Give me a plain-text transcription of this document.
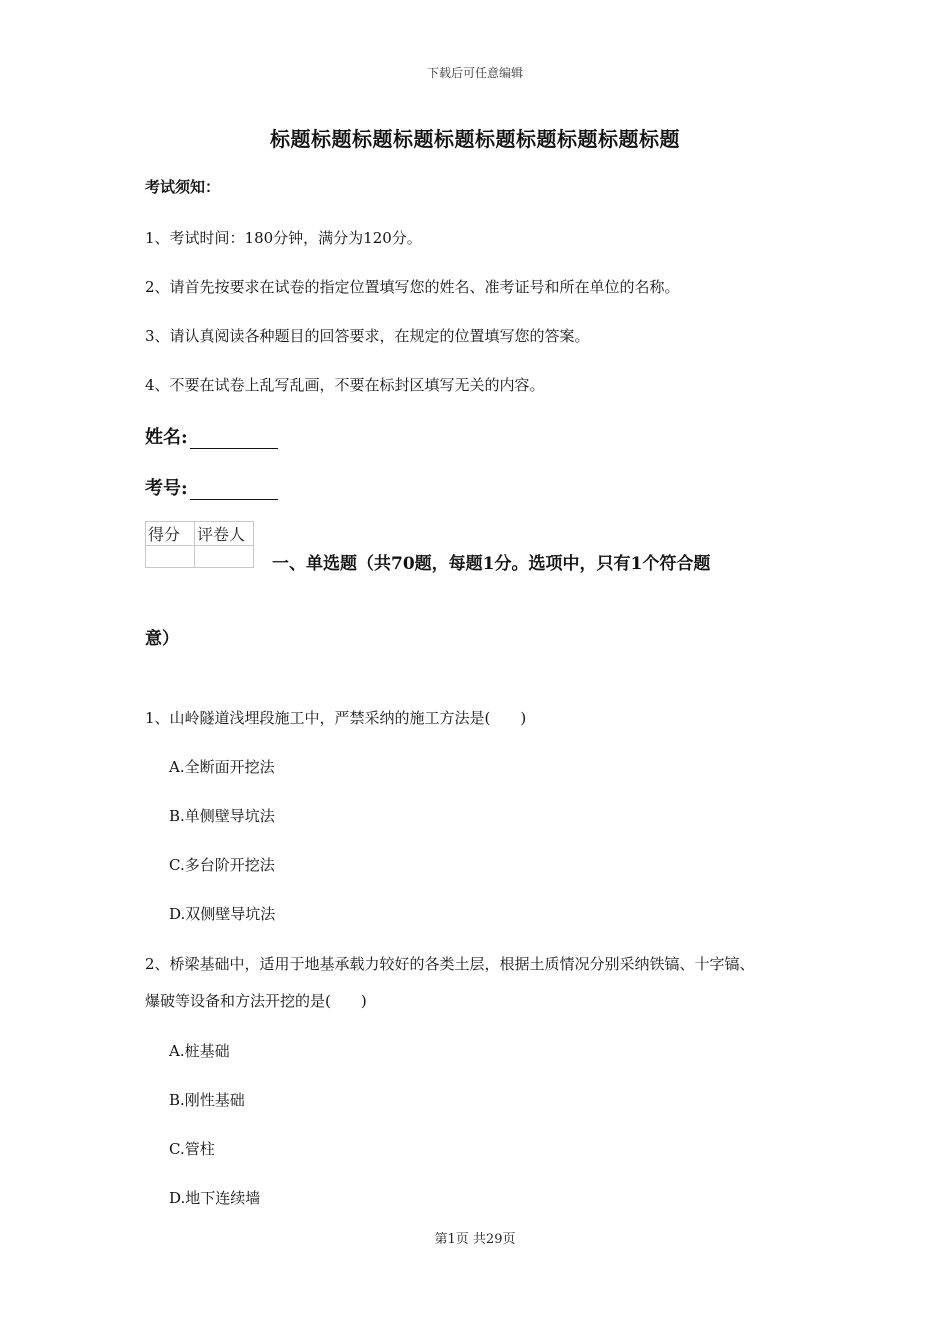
下载后可任意编辑
标题标题标题标题标题标题标题标题标题标题
考试须知：
1、考试时间：180分钟，满分为120分。
2、请首先按要求在试卷的指定位置填写您的姓名、准考证号和所在单位的名称。
3、请认真阅读各种题目的回答要求，在规定的位置填写您的答案。
4、不要在试卷上乱写乱画，不要在标封区填写无关的内容。
姓名:
考号:
得分	评卷人

一、单选题（共70题，每题1分。选项中，只有1个符合题
意）
1、山岭隧道浅埋段施工中，严禁采纳的施工方法是(　　)
A.全断面开挖法
B.单侧壁导坑法
C.多台阶开挖法
D.双侧壁导坑法
2、桥梁基础中，适用于地基承载力较好的各类土层，根据土质情况分别采纳铁镐、十字镐、
爆破等设备和方法开挖的是(　　)
A.桩基础
B.刚性基础
C.管柱
D.地下连续墙
第1页 共29页
